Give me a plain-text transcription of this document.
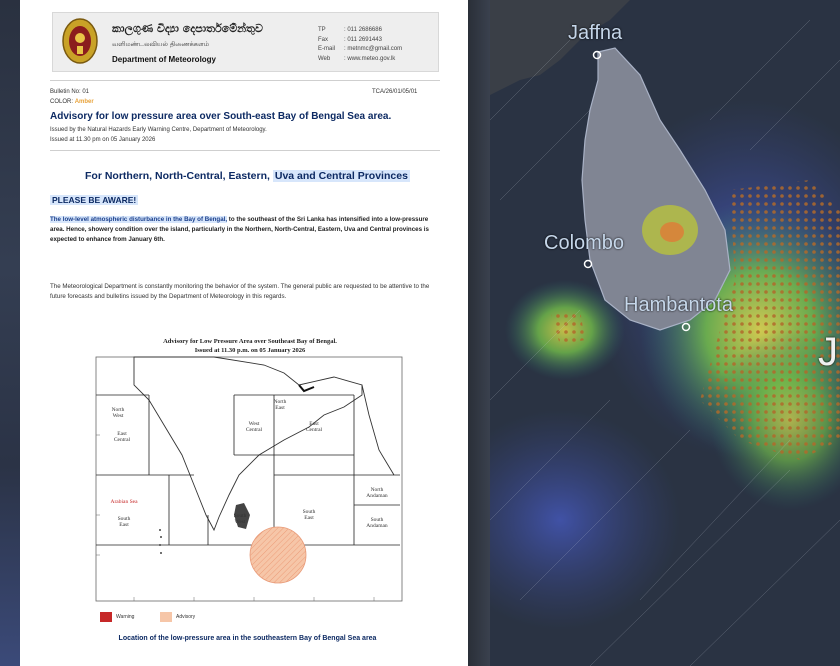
කාලගුණ විද්‍යා දෙපාර්තමේන්තුව
வளிமண்டலவியல் திணைக்களம்
Department of Meteorology
TP	: 011 2686686
Fax	: 011 2691443
E-mail	: metnmc@gmail.com
Web	: www.meteo.gov.lk
Bulletin No: 01	TCA/26/01/05/01
COLOR: Amber
Advisory for low pressure area over South-east Bay of Bengal Sea area.
Issued by the Natural Hazards Early Warning Centre, Department of Meteorology.
Issued at 11.30 pm on 05 January 2026
For Northern, North-Central, Eastern, Uva and Central Provinces
PLEASE BE AWARE!
The low-level atmospheric disturbance in the Bay of Bengal, to the southeast of the Sri Lanka has intensified into a low-pressure area. Hence, showery condition over the island, particularly in the Northern, North-Central, Eastern, Uva and Central provinces is expected to enhance from January 6th.
The Meteorological Department is constantly monitoring the behavior of the system. The general public are requested to be attentive to the future forecasts and bulletins issued by the Department of Meteorology in this regards.
Advisory for Low Pressure Area over Southeast Bay of Bengal.
Issued at 11.30 p.m. on 05 January 2026
North West
North East
East Central
West Central
East Central
North Andaman
Arabian Sea
South East
South West
South East	South Andaman
Warning	Advisory
Location of the low-pressure area in the southeastern Bay of Bengal Sea area
Jaffna
Colombo
Hambantota
J
